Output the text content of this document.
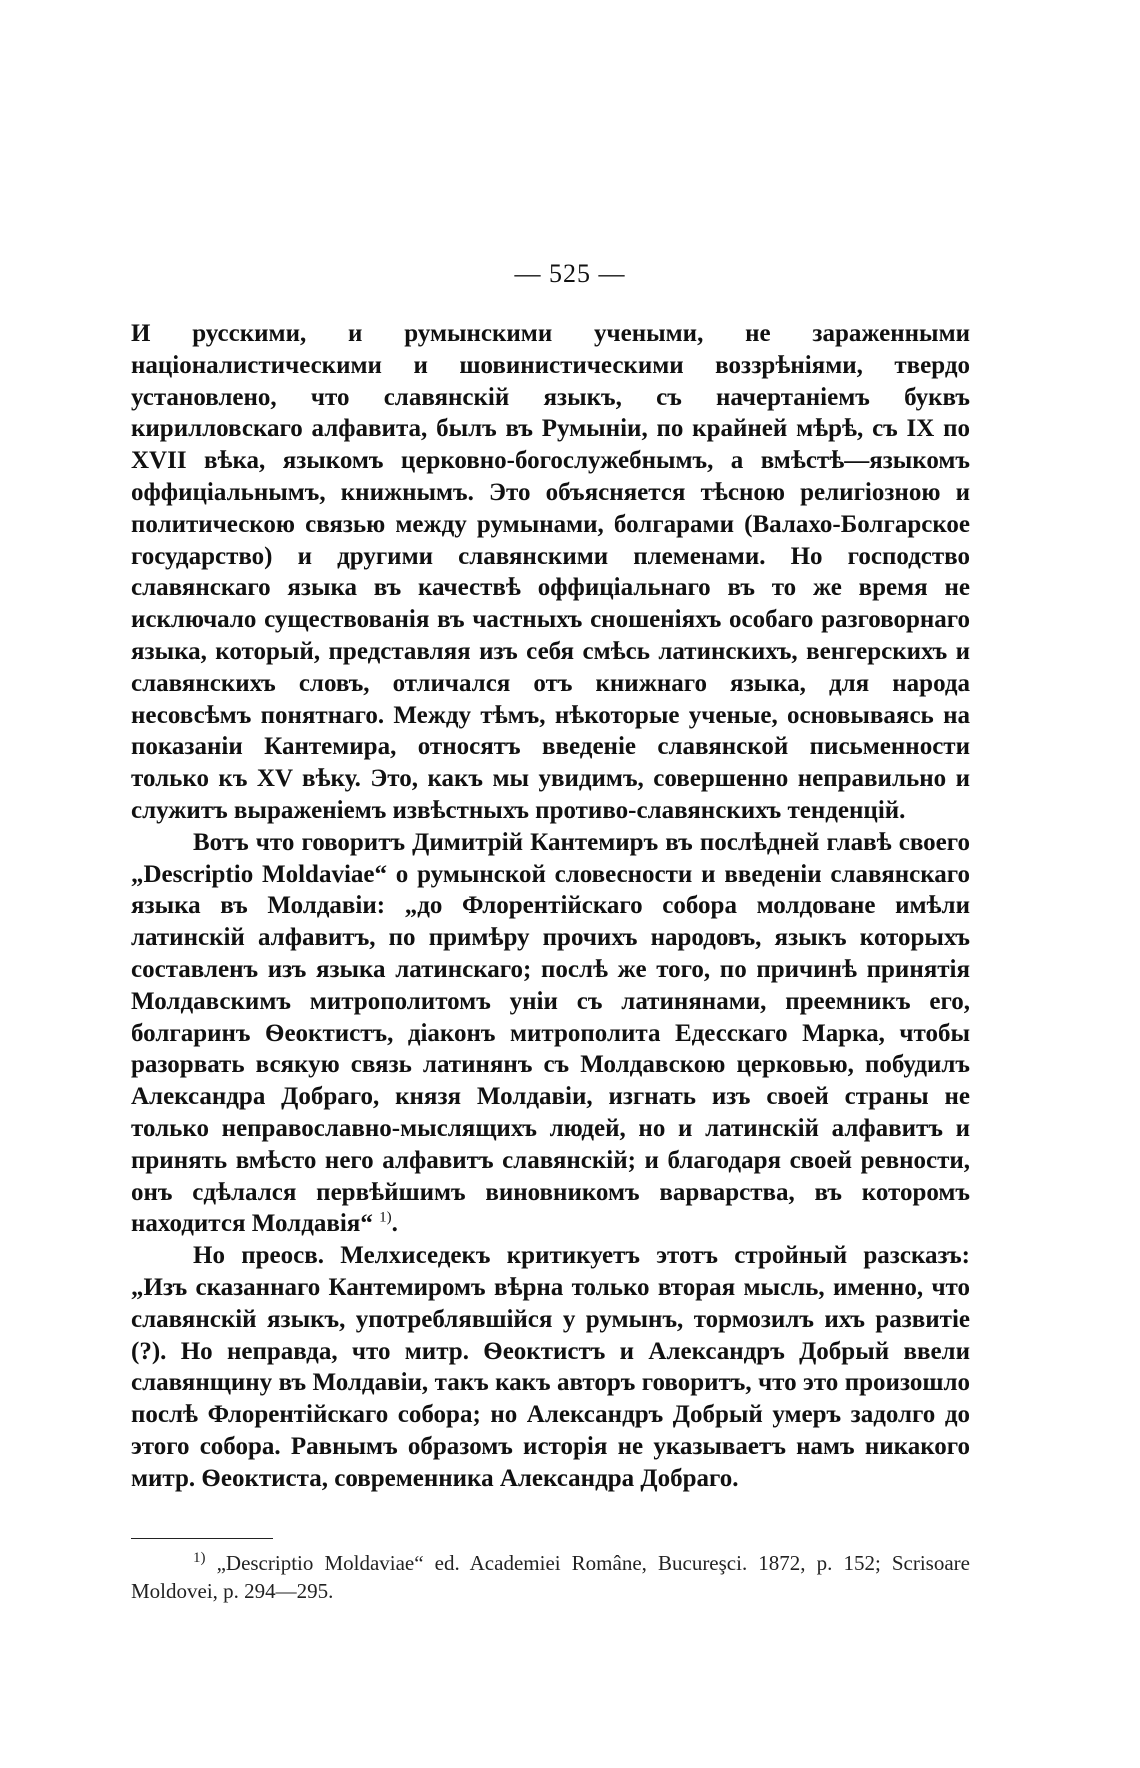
— 525 —

И русскими, и румынскими учеными, не зараженными націоналистическими и шовинистическими воззрѣніями, твердо установлено, что славянскій языкъ, съ начертаніемъ буквъ кирилловскаго алфавита, былъ въ Румыніи, по крайней мѣрѣ, съ IX по XVII вѣка, языкомъ церковно-богослужебнымъ, а вмѣстѣ—языкомъ оффиціальнымъ, книжнымъ. Это объясняется тѣсною религіозною и политическою связью между румынами, болгарами (Валахо-Болгарское государство) и другими славянскими племенами. Но господство славянскаго языка въ качествѣ оффиціальнаго въ то же время не исключало существованія въ частныхъ сношеніяхъ особаго разговорнаго языка, который, представляя изъ себя смѣсь латинскихъ, венгерскихъ и славянскихъ словъ, отличался отъ книжнаго языка, для народа несовсѣмъ понятнаго. Между тѣмъ, нѣкоторые ученые, основываясь на показаніи Кантемира, относятъ введеніе славянской письменности только къ XV вѣку. Это, какъ мы увидимъ, совершенно неправильно и служитъ выраженіемъ извѣстныхъ противо-славянскихъ тенденцій.

Вотъ что говоритъ Димитрій Кантемиръ въ послѣдней главѣ своего „Descriptio Moldaviae“ о румынской словесности и введеніи славянскаго языка въ Молдавіи: „до Флорентійскаго собора молдоване имѣли латинскій алфавитъ, по примѣру прочихъ народовъ, языкъ которыхъ составленъ изъ языка латинскаго; послѣ же того, по причинѣ принятія Молдавскимъ митрополитомъ уніи съ латинянами, преемникъ его, болгаринъ Ѳеоктистъ, діаконъ митрополита Едесскаго Марка, чтобы разорвать всякую связь латинянъ съ Молдавскою церковью, побудилъ Александра Добраго, князя Молдавіи, изгнать изъ своей страны не только неправославно-мыслящихъ людей, но и латинскій алфавитъ и принять вмѣсто него алфавитъ славянскій; и благодаря своей ревности, онъ сдѣлался первѣйшимъ виновникомъ варварства, въ которомъ находится Молдавія“ $^{1)}$.

Но преосв. Мелхиседекъ критикуетъ этотъ стройный разсказъ: „Изъ сказаннаго Кантемиромъ вѣрна только вторая мысль, именно, что славянскій языкъ, употреблявшійся у румынъ, тормозилъ ихъ развитіе (?). Но неправда, что митр. Ѳеоктистъ и Александръ Добрый ввели славянщину въ Молдавіи, такъ какъ авторъ говоритъ, что это произошло послѣ Флорентійскаго собора; но Александръ Добрый умеръ задолго до этого собора. Равнымъ образомъ исторія не указываетъ намъ никакого митр. Ѳеоктиста, современника Александра Добраго.

$^{1)}$ „Descriptio Moldaviae“ ed. Academiei Române, Bucureşci. 1872, p. 152; Scrisoare Moldovei, p. 294—295.
